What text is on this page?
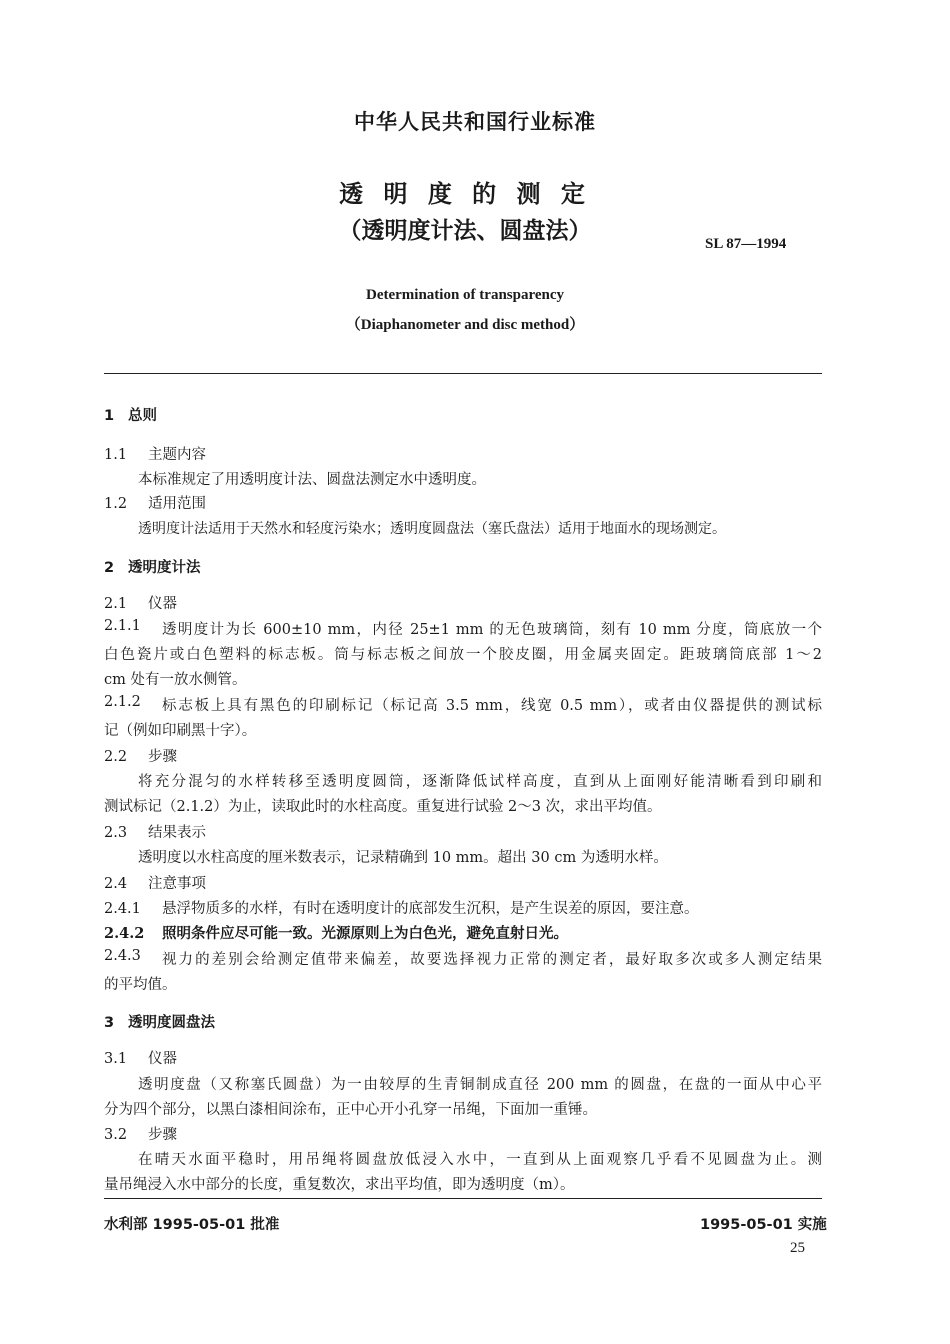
中华人民共和国行业标准
透 明 度 的 测 定
（透明度计法、圆盘法）	SL 87—1994
Determination of transparency
（Diaphanometer and disc method）
1 总则
1.1 主题内容
本标准规定了用透明度计法、圆盘法测定水中透明度。
1.2 适用范围
透明度计法适用于天然水和轻度污染水；透明度圆盘法（塞氏盘法）适用于地面水的现场测定。
2 透明度计法
2.1 仪器
2.1.1 透明度计为长 600±10 mm，内径 25±1 mm 的无色玻璃筒，刻有 10 mm 分度，筒底放一个
白色瓷片或白色塑料的标志板。筒与标志板之间放一个胶皮圈，用金属夹固定。距玻璃筒底部 1～2
cm 处有一放水侧管。
2.1.2 标志板上具有黑色的印刷标记（标记高 3.5 mm，线宽 0.5 mm），或者由仪器提供的测试标
记（例如印刷黑十字）。
2.2 步骤
将充分混匀的水样转移至透明度圆筒，逐渐降低试样高度，直到从上面刚好能清晰看到印刷和
测试标记（2.1.2）为止，读取此时的水柱高度。重复进行试验 2～3 次，求出平均值。
2.3 结果表示
透明度以水柱高度的厘米数表示，记录精确到 10 mm。超出 30 cm 为透明水样。
2.4 注意事项
2.4.1 悬浮物质多的水样，有时在透明度计的底部发生沉积，是产生误差的原因，要注意。
2.4.2 照明条件应尽可能一致。光源原则上为白色光，避免直射日光。
2.4.3 视力的差别会给测定值带来偏差，故要选择视力正常的测定者，最好取多次或多人测定结果
的平均值。
3 透明度圆盘法
3.1 仪器
透明度盘（又称塞氏圆盘）为一由较厚的生青铜制成直径 200 mm 的圆盘，在盘的一面从中心平
分为四个部分，以黑白漆相间涂布，正中心开小孔穿一吊绳，下面加一重锤。
3.2 步骤
在晴天水面平稳时，用吊绳将圆盘放低浸入水中，一直到从上面观察几乎看不见圆盘为止。测
量吊绳浸入水中部分的长度，重复数次，求出平均值，即为透明度（m）。
水利部 1995-05-01 批准	1995-05-01 实施
25
